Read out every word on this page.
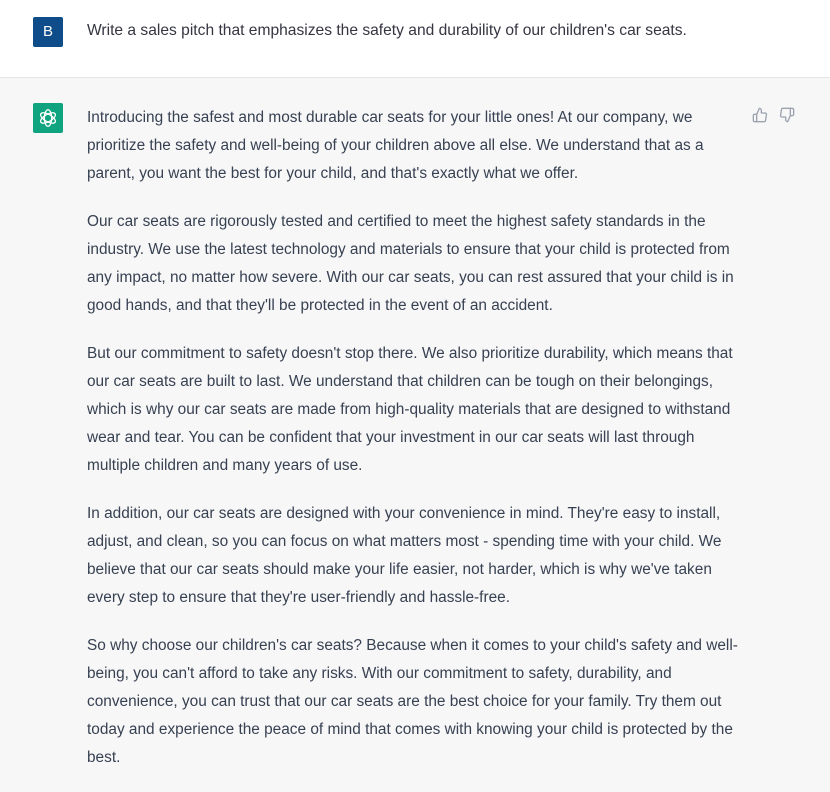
B	Write a sales pitch that emphasizes the safety and durability of our children's car seats.

Introducing the safest and most durable car seats for your little ones! At our company, we prioritize the safety and well-being of your children above all else. We understand that as a parent, you want the best for your child, and that's exactly what we offer.

Our car seats are rigorously tested and certified to meet the highest safety standards in the industry. We use the latest technology and materials to ensure that your child is protected from any impact, no matter how severe. With our car seats, you can rest assured that your child is in good hands, and that they'll be protected in the event of an accident.

But our commitment to safety doesn't stop there. We also prioritize durability, which means that our car seats are built to last. We understand that children can be tough on their belongings, which is why our car seats are made from high-quality materials that are designed to withstand wear and tear. You can be confident that your investment in our car seats will last through multiple children and many years of use.

In addition, our car seats are designed with your convenience in mind. They're easy to install, adjust, and clean, so you can focus on what matters most - spending time with your child. We believe that our car seats should make your life easier, not harder, which is why we've taken every step to ensure that they're user-friendly and hassle-free.

So why choose our children's car seats? Because when it comes to your child's safety and well-being, you can't afford to take any risks. With our commitment to safety, durability, and convenience, you can trust that our car seats are the best choice for your family. Try them out today and experience the peace of mind that comes with knowing your child is protected by the best.
